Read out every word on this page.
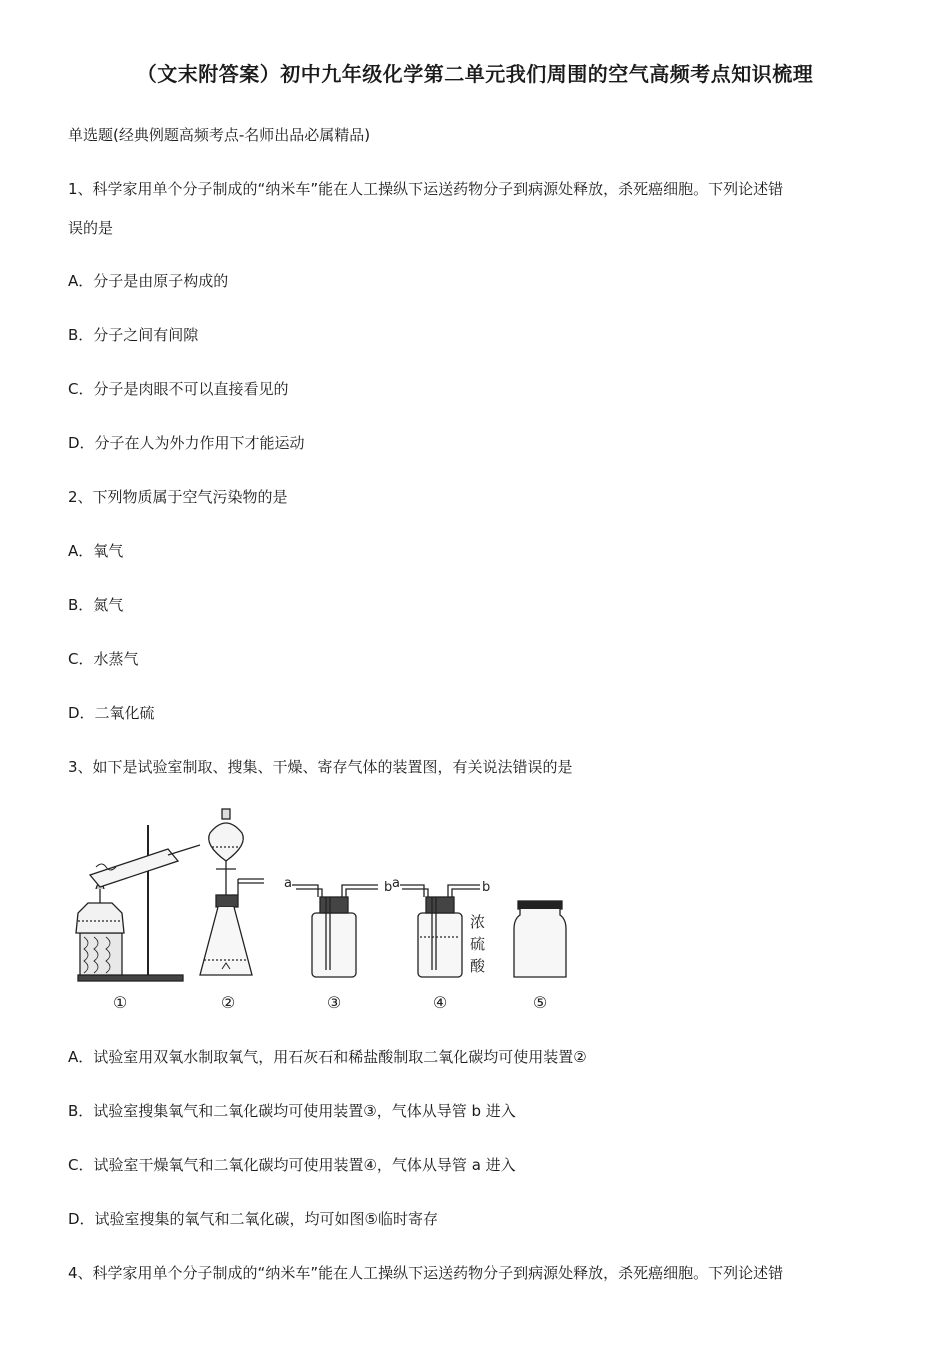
（文末附答案）初中九年级化学第二单元我们周围的空气高频考点知识梳理
单选题(经典例题高频考点-名师出品必属精品)
1、科学家用单个分子制成的“纳米车”能在人工操纵下运送药物分子到病源处释放，杀死癌细胞。下列论述错
误的是
A．分子是由原子构成的
B．分子之间有间隙
C．分子是肉眼不可以直接看见的
D．分子在人为外力作用下才能运动
2、下列物质属于空气污染物的是
A．氧气
B．氮气
C．水蒸气
D．二氧化硫
3、如下是试验室制取、搜集、干燥、寄存气体的装置图，有关说法错误的是
a	b a	b
浓
硫
酸
①	②	③	④	⑤
A．试验室用双氧水制取氧气，用石灰石和稀盐酸制取二氧化碳均可使用装置②
B．试验室搜集氧气和二氧化碳均可使用装置③，气体从导管 b 进入
C．试验室干燥氧气和二氧化碳均可使用装置④，气体从导管 a 进入
D．试验室搜集的氧气和二氧化碳，均可如图⑤临时寄存
4、科学家用单个分子制成的“纳米车”能在人工操纵下运送药物分子到病源处释放，杀死癌细胞。下列论述错
